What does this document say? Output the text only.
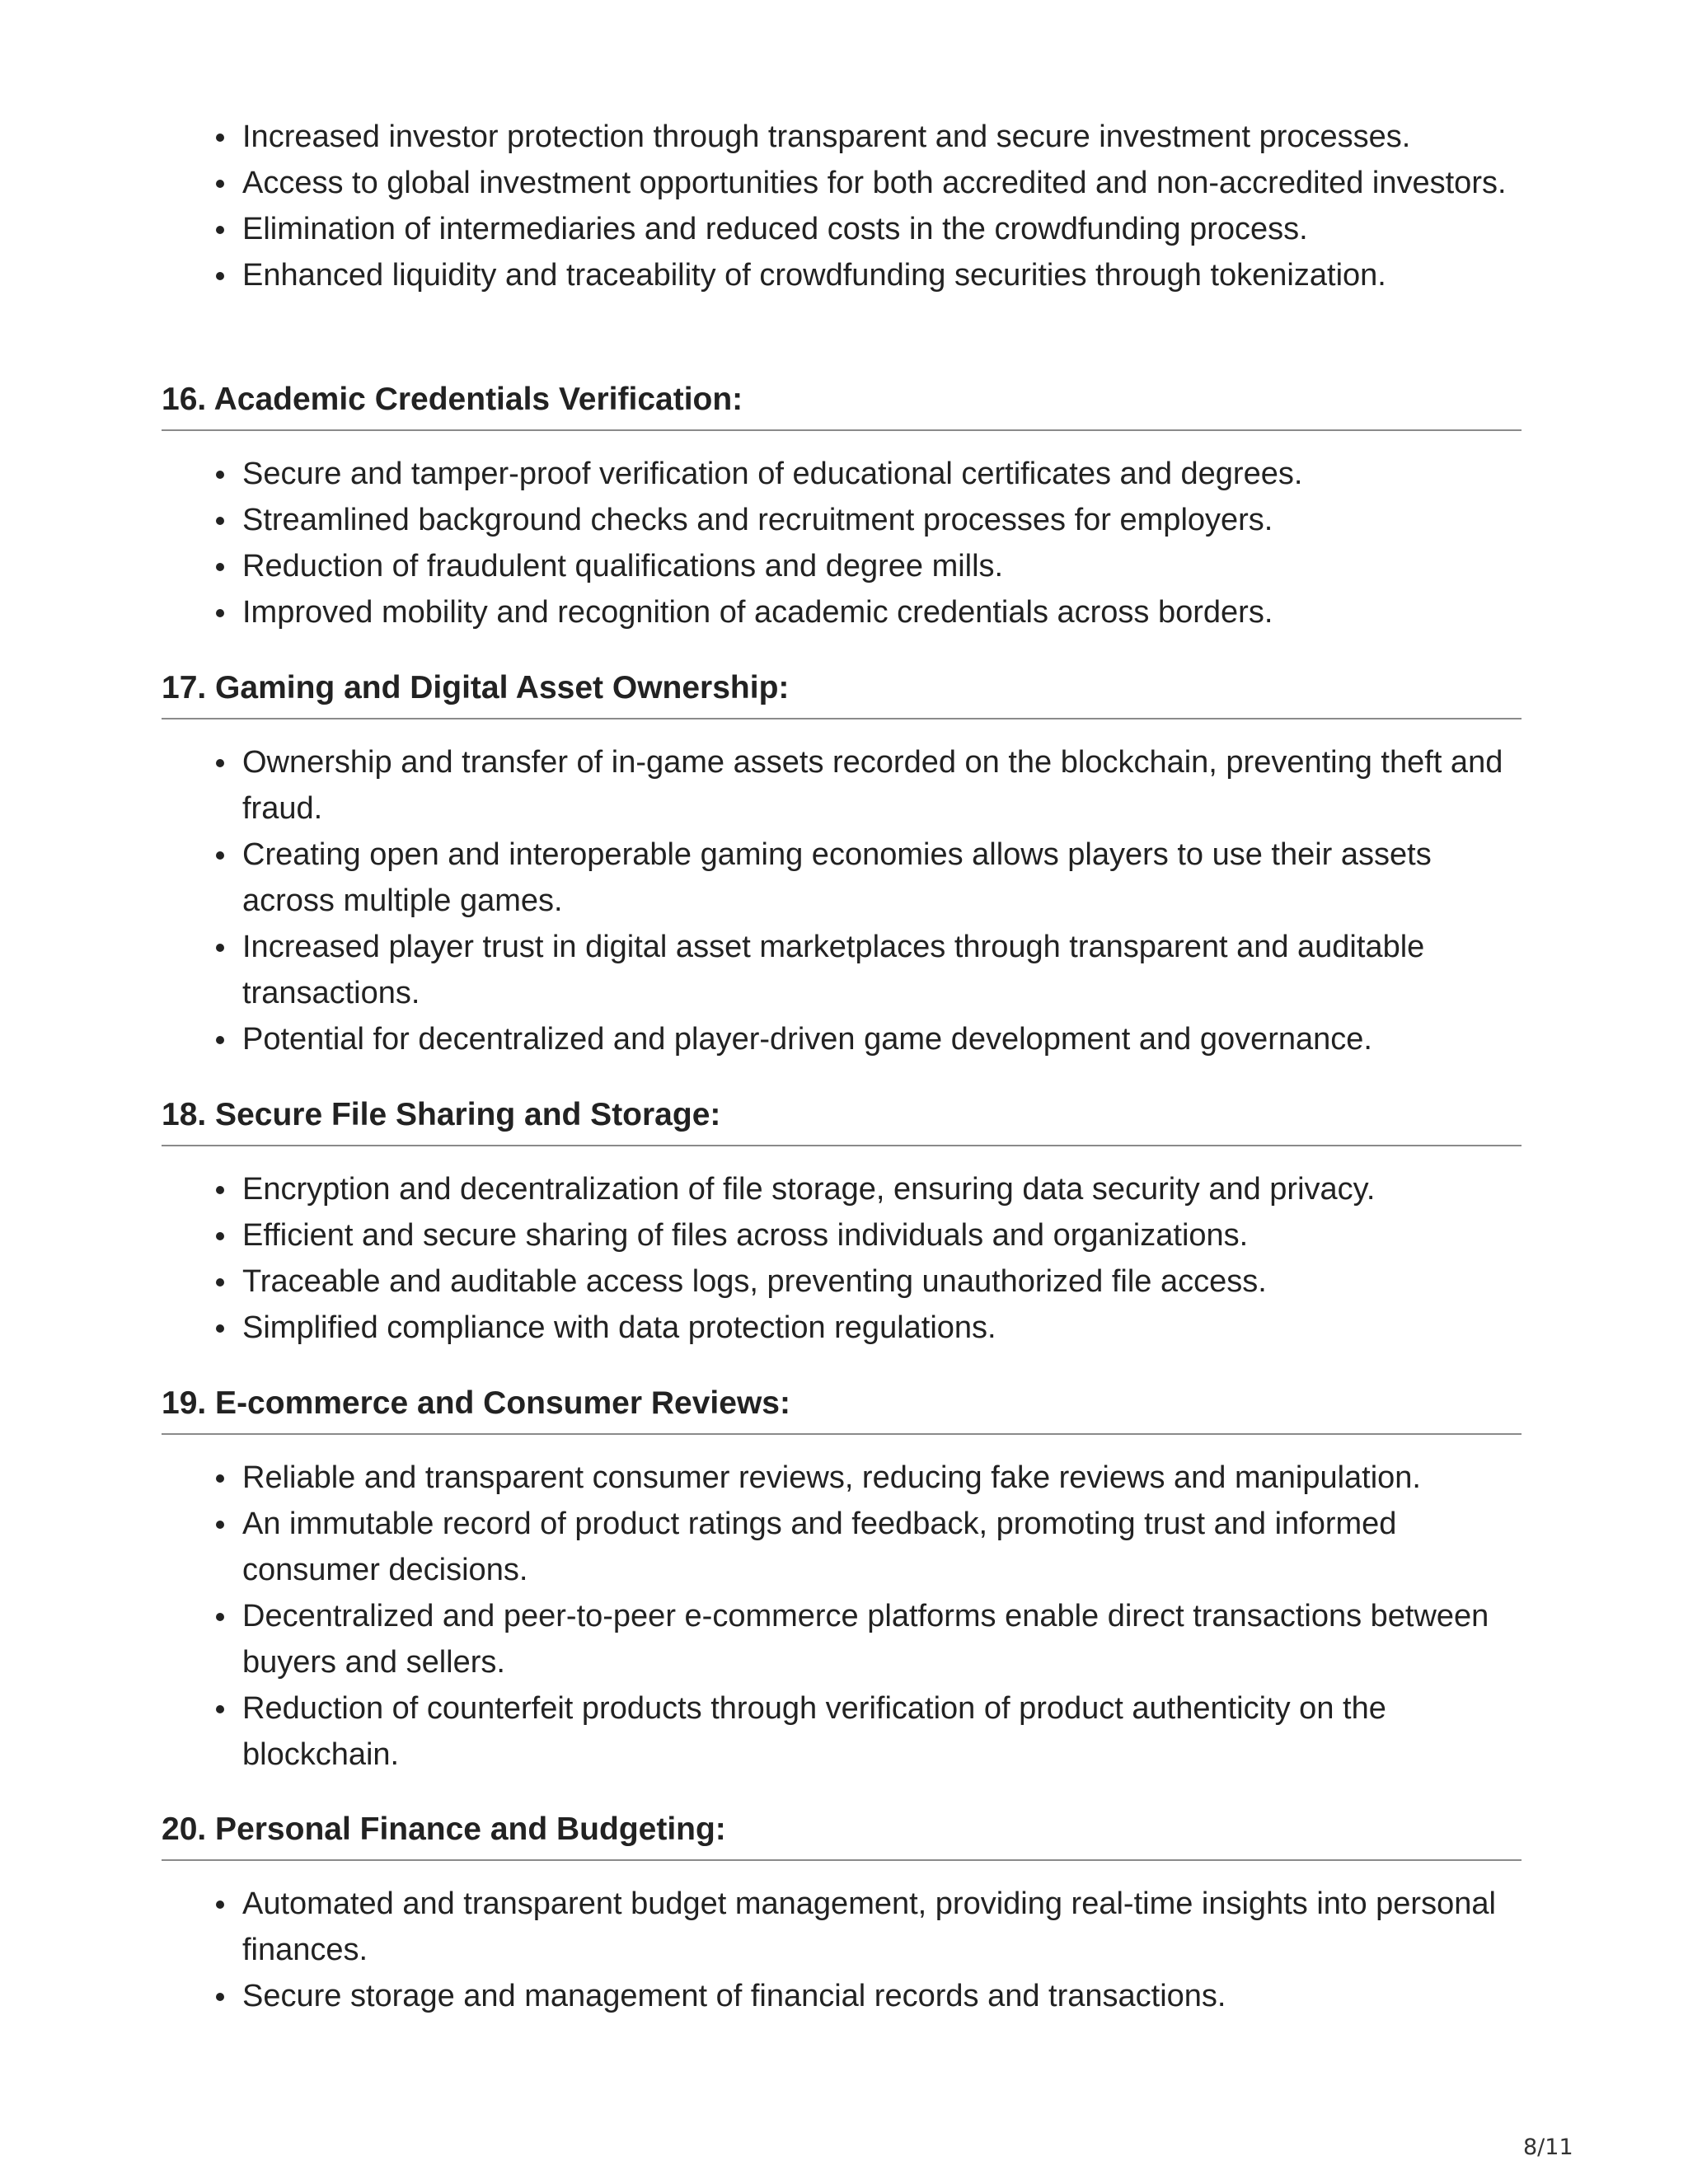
Increased investor protection through transparent and secure investment processes.
Access to global investment opportunities for both accredited and non-accredited investors.
Elimination of intermediaries and reduced costs in the crowdfunding process.
Enhanced liquidity and traceability of crowdfunding securities through tokenization.
16. Academic Credentials Verification:
Secure and tamper-proof verification of educational certificates and degrees.
Streamlined background checks and recruitment processes for employers.
Reduction of fraudulent qualifications and degree mills.
Improved mobility and recognition of academic credentials across borders.
17. Gaming and Digital Asset Ownership:
Ownership and transfer of in-game assets recorded on the blockchain, preventing theft and fraud.
Creating open and interoperable gaming economies allows players to use their assets across multiple games.
Increased player trust in digital asset marketplaces through transparent and auditable transactions.
Potential for decentralized and player-driven game development and governance.
18. Secure File Sharing and Storage:
Encryption and decentralization of file storage, ensuring data security and privacy.
Efficient and secure sharing of files across individuals and organizations.
Traceable and auditable access logs, preventing unauthorized file access.
Simplified compliance with data protection regulations.
19. E-commerce and Consumer Reviews:
Reliable and transparent consumer reviews, reducing fake reviews and manipulation.
An immutable record of product ratings and feedback, promoting trust and informed consumer decisions.
Decentralized and peer-to-peer e-commerce platforms enable direct transactions between buyers and sellers.
Reduction of counterfeit products through verification of product authenticity on the blockchain.
20. Personal Finance and Budgeting:
Automated and transparent budget management, providing real-time insights into personal finances.
Secure storage and management of financial records and transactions.
8/11
